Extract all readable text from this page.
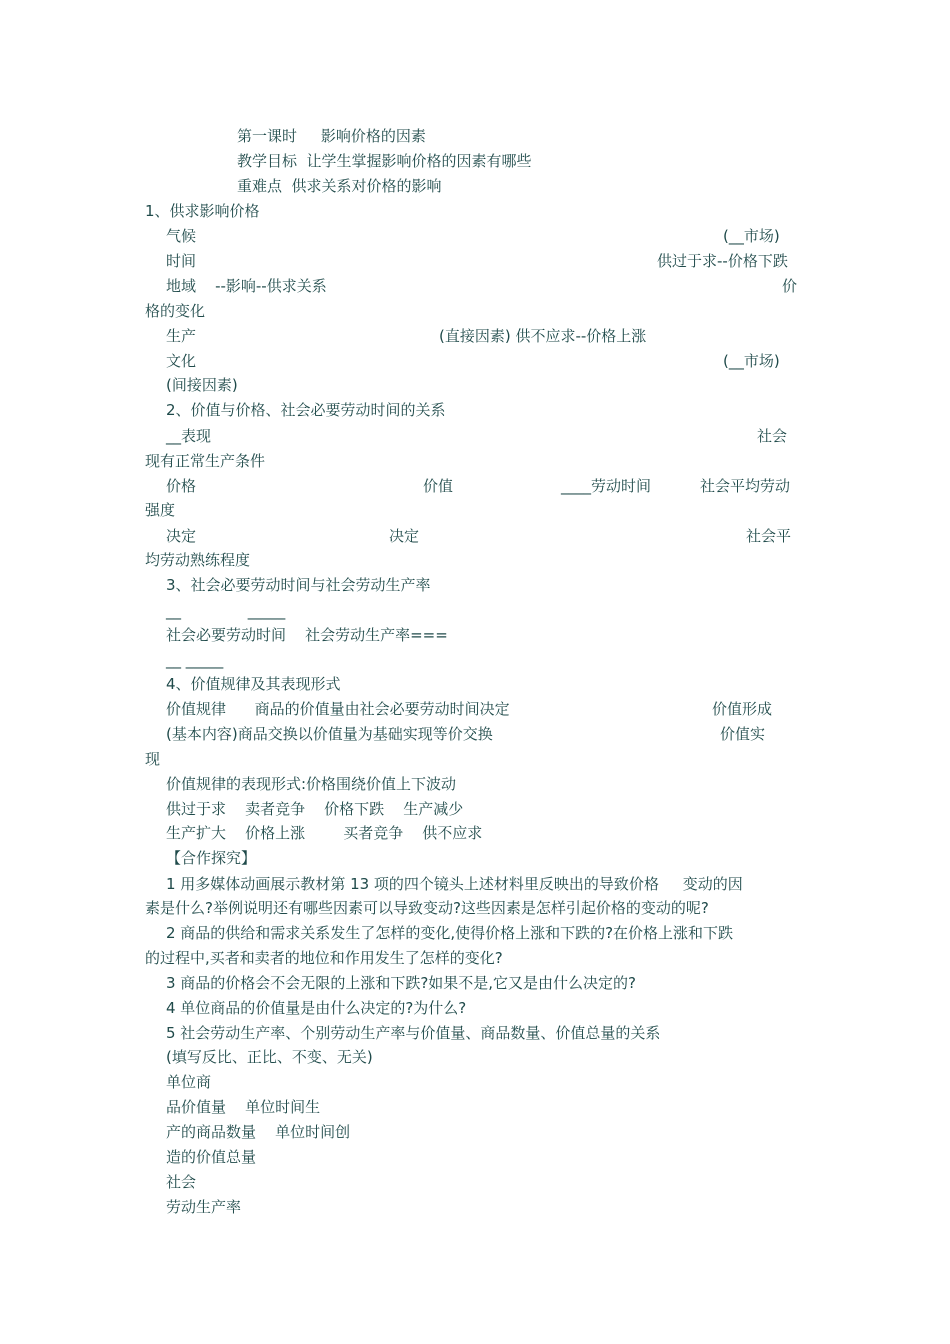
第一课时     影响价格的因素
教学目标  让学生掌握影响价格的因素有哪些
重难点  供求关系对价格的影响
1、供求影响价格
气候	(__市场)
时间	供过于求--价格下跌
地域    --影响--供求关系	价
格的变化
生产	(直接因素) 供不应求--价格上涨
文化	(__市场)
(间接因素)
2、价值与价格、社会必要劳动时间的关系
__表现	社会
现有正常生产条件
价格	价值	____劳动时间	社会平均劳动
强度
决定	决定	社会平
均劳动熟练程度
3、社会必要劳动时间与社会劳动生产率
__              _____
社会必要劳动时间    社会劳动生产率===
__ _____
4、价值规律及其表现形式
价值规律      商品的价值量由社会必要劳动时间决定	价值形成
(基本内容)商品交换以价值量为基础实现等价交换	价值实
现
价值规律的表现形式:价格围绕价值上下波动
供过于求    卖者竞争    价格下跌    生产减少
生产扩大    价格上涨        买者竞争    供不应求
【合作探究】
1 用多媒体动画展示教材第 13 项的四个镜头上述材料里反映出的导致价格     变动的因
素是什么?举例说明还有哪些因素可以导致变动?这些因素是怎样引起价格的变动的呢?
2 商品的供给和需求关系发生了怎样的变化,使得价格上涨和下跌的?在价格上涨和下跌
的过程中,买者和卖者的地位和作用发生了怎样的变化?
3 商品的价格会不会无限的上涨和下跌?如果不是,它又是由什么决定的?
4 单位商品的价值量是由什么决定的?为什么?
5 社会劳动生产率、个别劳动生产率与价值量、商品数量、价值总量的关系
(填写反比、正比、不变、无关)
单位商
品价值量    单位时间生
产的商品数量    单位时间创
造的价值总量
社会
劳动生产率
